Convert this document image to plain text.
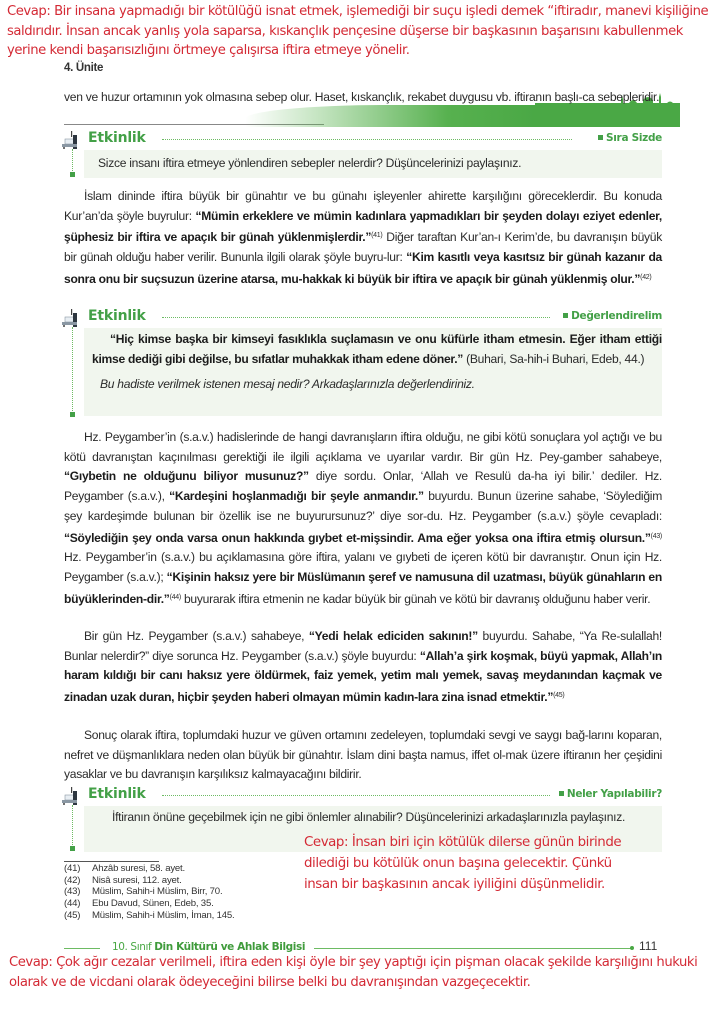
4. Ünite	Ahlaki Tutum ve Davranışlar
Cevap: Bir insana yapmadığı bir kötülüğü isnat etmek, işlemediği bir suçu işledi demek “iftiradır, manevi kişiliğine saldırıdır. İnsan ancak yanlış yola saparsa, kıskançlık pençesine düşerse bir başkasının başarısını kabullenmek yerine kendi başarısızlığını örtmeye çalışırsa iftira etmeye yönelir.
ven ve huzur ortamının yok olmasına sebep olur. Haset, kıskançlık, rekabet duygusu vb. iftiranın başlı-ca sebepleridir.
Etkinlik	Sıra Sizde
Sizce insanı iftira etmeye yönlendiren sebepler nelerdir? Düşüncelerinizi paylaşınız.
İslam dininde iftira büyük bir günahtır ve bu günahı işleyenler ahirette karşılığını göreceklerdir. Bu konuda Kur’an’da şöyle buyrulur: “Mümin erkeklere ve mümin kadınlara yapmadıkları bir şeyden dolayı eziyet edenler, şüphesiz bir iftira ve apaçık bir günah yüklenmişlerdir.”$^{(41)}$ Diğer taraftan Kur’an-ı Kerim’de, bu davranışın büyük bir günah olduğu haber verilir. Bununla ilgili olarak şöyle buyru-lur: “Kim kasıtlı veya kasıtsız bir günah kazanır da sonra onu bir suçsuzun üzerine atarsa, mu-hakkak ki büyük bir iftira ve apaçık bir günah yüklenmiş olur.”$^{(42)}$
Etkinlik	Değerlendirelim
“Hiç kimse başka bir kimseyi fasıklıkla suçlamasın ve onu küfürle itham etmesin. Eğer itham ettiği kimse dediği gibi değilse, bu sıfatlar muhakkak itham edene döner.” (Buhari, Sa-hih-i Buhari, Edeb, 44.)
Bu hadiste verilmek istenen mesaj nedir? Arkadaşlarınızla değerlendiriniz.
Hz. Peygamber’in (s.a.v.) hadislerinde de hangi davranışların iftira olduğu, ne gibi kötü sonuçlara yol açtığı ve bu kötü davranıştan kaçınılması gerektiği ile ilgili açıklama ve uyarılar vardır. Bir gün Hz. Pey-gamber sahabeye, “Gıybetin ne olduğunu biliyor musunuz?” diye sordu. Onlar, ‘Allah ve Resulü da-ha iyi bilir.’ dediler. Hz. Peygamber (s.a.v.), “Kardeşini hoşlanmadığı bir şeyle anmandır.” buyurdu. Bunun üzerine sahabe, ‘Söylediğim şey kardeşimde bulunan bir özellik ise ne buyurursunuz?’ diye sor-du. Hz. Peygamber (s.a.v.) şöyle cevapladı: “Söylediğin şey onda varsa onun hakkında gıybet et-mişsindir. Ama eğer yoksa ona iftira etmiş olursun.”$^{(43)}$ Hz. Peygamber’in (s.a.v.) bu açıklamasına göre iftira, yalanı ve gıybeti de içeren kötü bir davranıştır. Onun için Hz. Peygamber (s.a.v.); “Kişinin haksız yere bir Müslümanın şeref ve namusuna dil uzatması, büyük günahların en büyüklerinden-dir.”$^{(44)}$ buyurarak iftira etmenin ne kadar büyük bir günah ve kötü bir davranış olduğunu haber verir.
Bir gün Hz. Peygamber (s.a.v.) sahabeye, “Yedi helak ediciden sakının!” buyurdu. Sahabe, “Ya Re-sulallah! Bunlar nelerdir?” diye sorunca Hz. Peygamber (s.a.v.) şöyle buyurdu: “Allah’a şirk koşmak, büyü yapmak, Allah’ın haram kıldığı bir canı haksız yere öldürmek, faiz yemek, yetim malı yemek, savaş meydanından kaçmak ve zinadan uzak duran, hiçbir şeyden haberi olmayan mümin kadın-lara zina isnad etmektir.”$^{(45)}$
Sonuç olarak iftira, toplumdaki huzur ve güven ortamını zedeleyen, toplumdaki sevgi ve saygı bağ-larını koparan, nefret ve düşmanlıklara neden olan büyük bir günahtır. İslam dini başta namus, iffet ol-mak üzere iftiranın her çeşidini yasaklar ve bu davranışın karşılıksız kalmayacağını bildirir.
Etkinlik	Neler Yapılabilir?
İftiranın önüne geçebilmek için ne gibi önlemler alınabilir? Düşüncelerinizi arkadaşlarınızla paylaşınız.
Cevap: İnsan biri için kötülük dilerse günün birinde dilediği bu kötülük onun başına gelecektir. Çünkü insan bir başkasının ancak iyiliğini düşünmelidir.
(41) Ahzâb suresi, 58. ayet.
(42) Nisâ suresi, 112. ayet.
(43) Müslim, Sahih-i Müslim, Birr, 70.
(44) Ebu Davud, Sünen, Edeb, 35.
(45) Müslim, Sahih-i Müslim, İman, 145.
10. Sınıf Din Kültürü ve Ahlak Bilgisi	111
Cevap: Çok ağır cezalar verilmeli, iftira eden kişi öyle bir şey yaptığı için pişman olacak şekilde karşılığını hukuki olarak ve de vicdani olarak ödeyeceğini bilirse belki bu davranışından vazgeçecektir.
